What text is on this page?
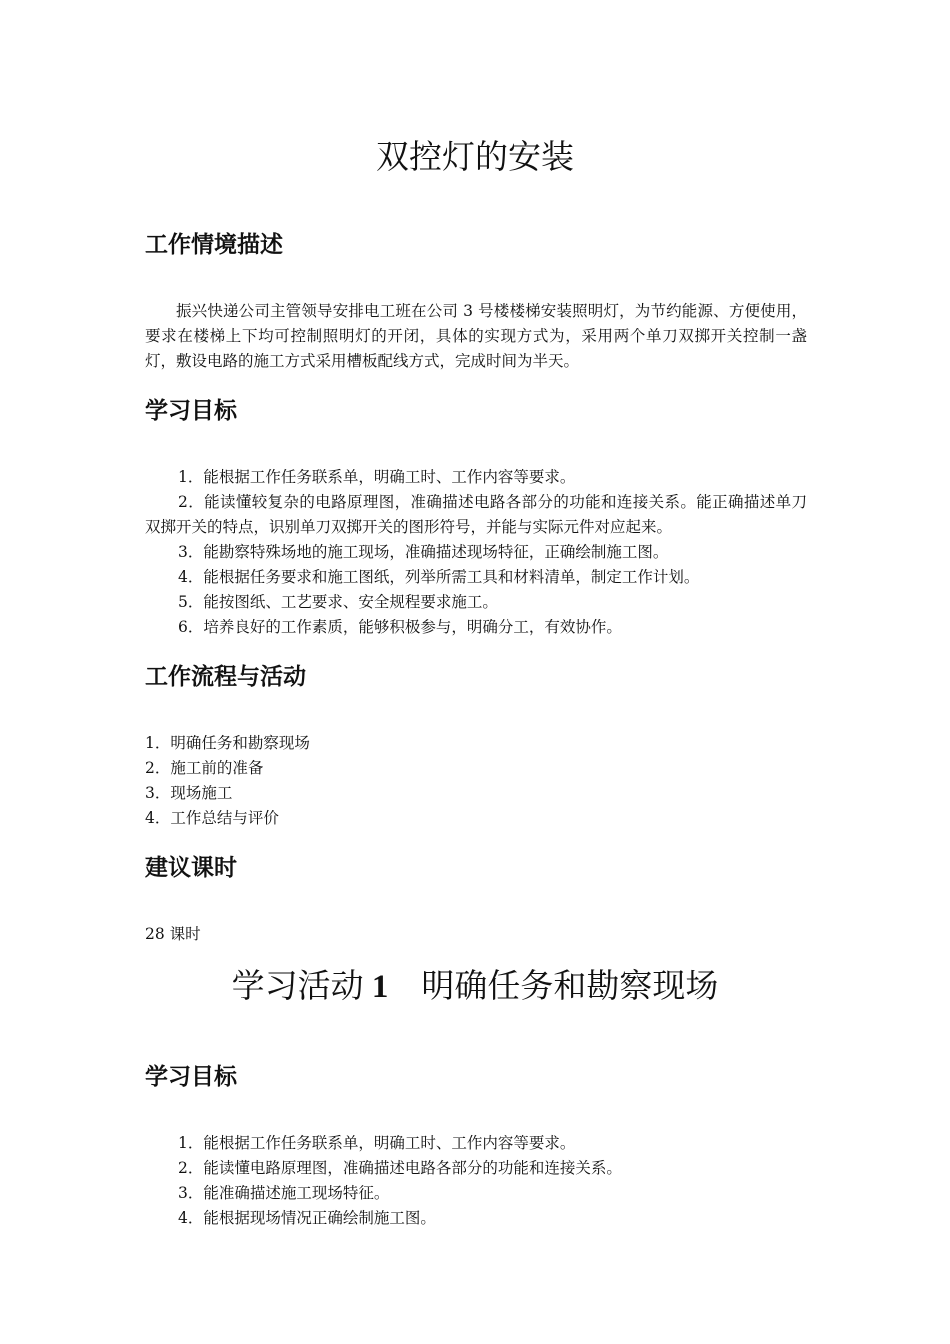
双控灯的安装
工作情境描述

振兴快递公司主管领导安排电工班在公司 3 号楼楼梯安装照明灯，为节约能源、方便使用，要求在楼梯上下均可控制照明灯的开闭，具体的实现方式为，采用两个单刀双掷开关控制一盏灯，敷设电路的施工方式采用槽板配线方式，完成时间为半天。

学习目标
1．能根据工作任务联系单，明确工时、工作内容等要求。
2．能读懂较复杂的电路原理图，准确描述电路各部分的功能和连接关系。能正确描述单刀双掷开关的特点，识别单刀双掷开关的图形符号，并能与实际元件对应起来。
3．能勘察特殊场地的施工现场，准确描述现场特征，正确绘制施工图。
4．能根据任务要求和施工图纸，列举所需工具和材料清单，制定工作计划。
5．能按图纸、工艺要求、安全规程要求施工。
6．培养良好的工作素质，能够积极参与，明确分工，有效协作。
工作流程与活动
1．明确任务和勘察现场
2．施工前的准备
3．现场施工
4．工作总结与评价
建议课时

28 课时

学习活动 1　明确任务和勘察现场
学习目标
1．能根据工作任务联系单，明确工时、工作内容等要求。
2．能读懂电路原理图，准确描述电路各部分的功能和连接关系。
3．能准确描述施工现场特征。
4．能根据现场情况正确绘制施工图。
